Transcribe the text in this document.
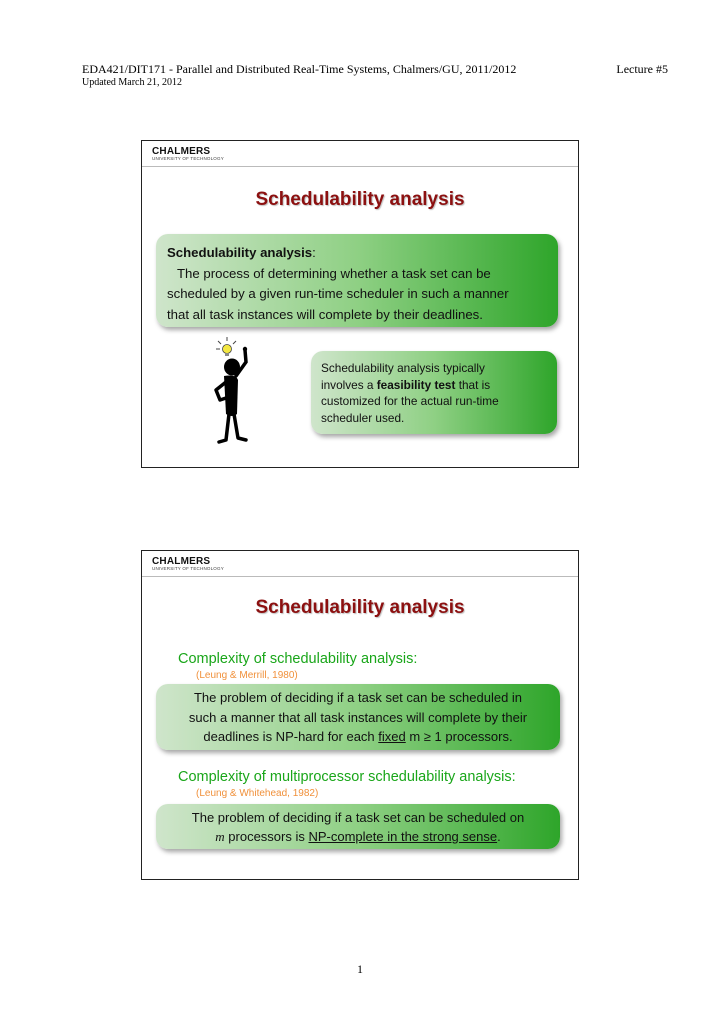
EDA421/DIT171 - Parallel and Distributed Real-Time Systems, Chalmers/GU, 2011/2012	Lecture #5
Updated March 21, 2012
CHALMERS
UNIVERSITY OF TECHNOLOGY
Schedulability analysis
Schedulability analysis:
The process of determining whether a task set can be
scheduled by a given run-time scheduler in such a manner
that all task instances will complete by their deadlines.
Schedulability analysis typically
involves a feasibility test that is
customized for the actual run-time
scheduler used.
CHALMERS
UNIVERSITY OF TECHNOLOGY
Schedulability analysis
Complexity of schedulability analysis:
(Leung & Merrill, 1980)
The problem of deciding if a task set can be scheduled in
such a manner that all task instances will complete by their
deadlines is NP-hard for each fixed m ≥ 1 processors.
Complexity of multiprocessor schedulability analysis:
(Leung & Whitehead, 1982)
The problem of deciding if a task set can be scheduled on
m processors is NP-complete in the strong sense.
1
